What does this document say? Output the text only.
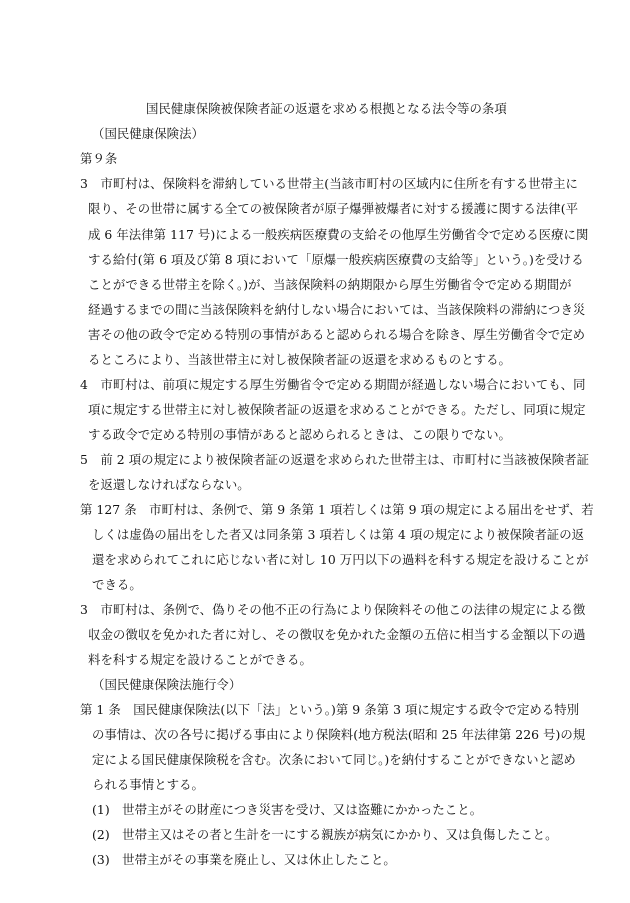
国民健康保険被保険者証の返還を求める根拠となる法令等の条項
（国民健康保険法）
第９条
3　市町村は、保険料を滞納している世帯主(当該市町村の区域内に住所を有する世帯主に
限り、その世帯に属する全ての被保険者が原子爆弾被爆者に対する援護に関する法律(平
成 6 年法律第 117 号)による一般疾病医療費の支給その他厚生労働省令で定める医療に関
する給付(第 6 項及び第 8 項において「原爆一般疾病医療費の支給等」という。)を受ける
ことができる世帯主を除く。)が、当該保険料の納期限から厚生労働省令で定める期間が
経過するまでの間に当該保険料を納付しない場合においては、当該保険料の滞納につき災
害その他の政令で定める特別の事情があると認められる場合を除き、厚生労働省令で定め
るところにより、当該世帯主に対し被保険者証の返還を求めるものとする。
4　市町村は、前項に規定する厚生労働省令で定める期間が経過しない場合においても、同
項に規定する世帯主に対し被保険者証の返還を求めることができる。ただし、同項に規定
する政令で定める特別の事情があると認められるときは、この限りでない。
5　前 2 項の規定により被保険者証の返還を求められた世帯主は、市町村に当該被保険者証
を返還しなければならない。
第 127 条　市町村は、条例で、第 9 条第 1 項若しくは第 9 項の規定による届出をせず、若
しくは虚偽の届出をした者又は同条第 3 項若しくは第 4 項の規定により被保険者証の返
還を求められてこれに応じない者に対し 10 万円以下の過料を科する規定を設けることが
できる。
3　市町村は、条例で、偽りその他不正の行為により保険料その他この法律の規定による徴
収金の徴収を免かれた者に対し、その徴収を免かれた金額の五倍に相当する金額以下の過
料を科する規定を設けることができる。
（国民健康保険法施行令）
第 1 条　国民健康保険法(以下「法」という。)第 9 条第 3 項に規定する政令で定める特別
の事情は、次の各号に掲げる事由により保険料(地方税法(昭和 25 年法律第 226 号)の規
定による国民健康保険税を含む。次条において同じ。)を納付することができないと認め
られる事情とする。
(1)　世帯主がその財産につき災害を受け、又は盗難にかかったこと。
(2)　世帯主又はその者と生計を一にする親族が病気にかかり、又は負傷したこと。
(3)　世帯主がその事業を廃止し、又は休止したこと。
